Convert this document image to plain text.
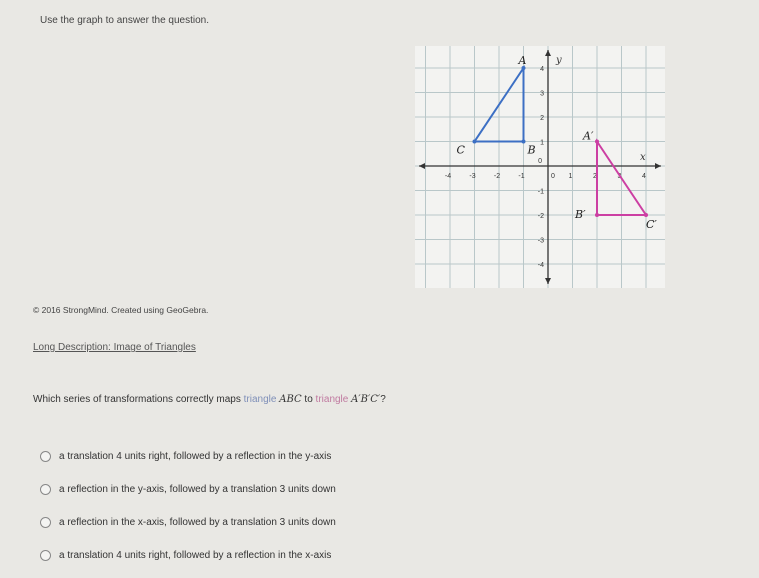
Use the graph to answer the question.
-4	-3	-2	-1	0 1	2	3	4
4
3
2
1
-1
-2
-3
-4
0	x
y
A
B
C
A′
B′
C′
© 2016 StrongMind. Created using GeoGebra.
Long Description: Image of Triangles
Which series of transformations correctly maps triangle ABC to triangle A′B′C′?
a translation 4 units right, followed by a reflection in the y-axis
a reflection in the y-axis, followed by a translation 3 units down
a reflection in the x-axis, followed by a translation 3 units down
a translation 4 units right, followed by a reflection in the x-axis
